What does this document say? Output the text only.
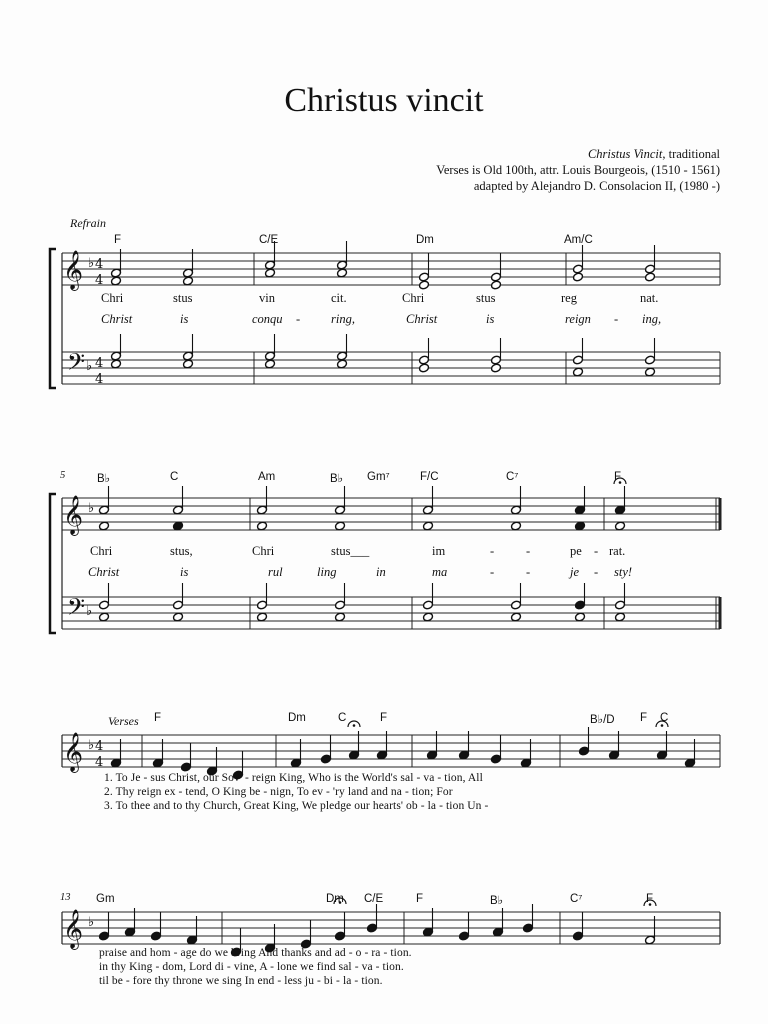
Christus vincit
Christus Vincit, traditional
Verses is Old 100th, attr. Louis Bourgeois, (1510 - 1561)
adapted by Alejandro D. Consolacion II, (1980 -)
Refrain
𝄞
𝄢
♭
♭
4
4
4
4
𝄞
𝄢
♭
♭
𝄞 ♭ 4
4
𝄞 ♭
F	C/E	Dm	Am/C
Chri	stus	vin	cit.	Chri	stus	reg	nat.
Christ	is	conqu - ring,	Christ	is	reign - ing,
5	B♭	C	Am	B♭ Gm⁷	F/C	C⁷	F
Chri	stus,	Chri	stus___	im	-	-	pe - rat.
Christ	is	rul	ling	in	ma	-	-	je - sty!
Verses F	Dm	C	F	B♭/D F C
1. To Je - sus Christ, our Sov' - reign King, Who is the World's sal - va - tion, All
2. Thy reign ex - tend, O King be - nign, To ev - 'ry land and na - tion; For
3. To thee and to thy Church, Great King, We pledge our hearts' ob - la - tion Un -
13 Gm	Dm C/E	F	B♭	C⁷	F
praise and hom - age do we bring And thanks and ad - o - ra - tion.
in thy King - dom, Lord di - vine, A - lone we find sal - va - tion.
til be - fore thy throne we sing In end - less ju - bi - la - tion.
